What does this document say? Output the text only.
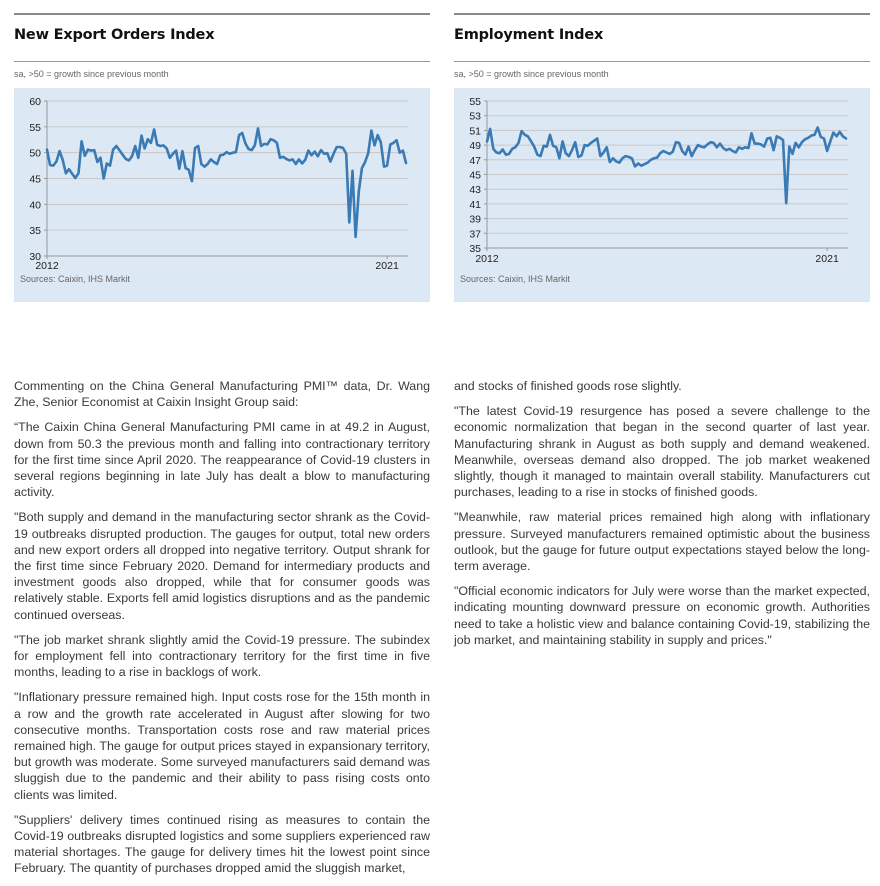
New Export Orders Index
sa, >50 = growth since previous month
60
55
50
45
40
35
30
2012	2021
Sources: Caixin, IHS Markit
Employment Index
sa, >50 = growth since previous month
55
53
51
49
47
45
43
41
39
37
35
2012	2021
Sources: Caixin, IHS Markit

Commenting on the China General Manufacturing PMI™ data, Dr. Wang Zhe, Senior Economist at Caixin Insight Group said:

“The Caixin China General Manufacturing PMI came in at 49.2 in August, down from 50.3 the previous month and falling into contractionary territory for the first time since April 2020. The reappearance of Covid-19 clusters in several regions beginning in late July has dealt a blow to manufacturing activity.

"Both supply and demand in the manufacturing sector shrank as the Covid-19 outbreaks disrupted production. The gauges for output, total new orders and new export orders all dropped into negative territory. Output shrank for the first time since February 2020. Demand for intermediary products and investment goods also dropped, while that for consumer goods was relatively stable. Exports fell amid logistics disruptions and as the pandemic continued overseas.

"The job market shrank slightly amid the Covid-19 pressure. The subindex for employment fell into contractionary territory for the first time in five months, leading to a rise in backlogs of work.

"Inflationary pressure remained high. Input costs rose for the 15th month in a row and the growth rate accelerated in August after slowing for two consecutive months. Transportation costs rose and raw material prices remained high. The gauge for output prices stayed in expansionary territory, but growth was moderate. Some surveyed manufacturers said demand was sluggish due to the pandemic and their ability to pass rising costs onto clients was limited.

"Suppliers' delivery times continued rising as measures to contain the Covid-19 outbreaks disrupted logistics and some suppliers experienced raw material shortages. The gauge for delivery times hit the lowest point since February. The quantity of purchases dropped amid the sluggish market,

and stocks of finished goods rose slightly.

"The latest Covid-19 resurgence has posed a severe challenge to the economic normalization that began in the second quarter of last year. Manufacturing shrank in August as both supply and demand weakened. Meanwhile, overseas demand also dropped. The job market weakened slightly, though it managed to maintain overall stability. Manufacturers cut purchases, leading to a rise in stocks of finished goods.

"Meanwhile, raw material prices remained high along with inflationary pressure. Surveyed manufacturers remained optimistic about the business outlook, but the gauge for future output expectations stayed below the long-term average.

"Official economic indicators for July were worse than the market expected, indicating mounting downward pressure on economic growth. Authorities need to take a holistic view and balance containing Covid-19, stabilizing the job market, and maintaining stability in supply and prices."
